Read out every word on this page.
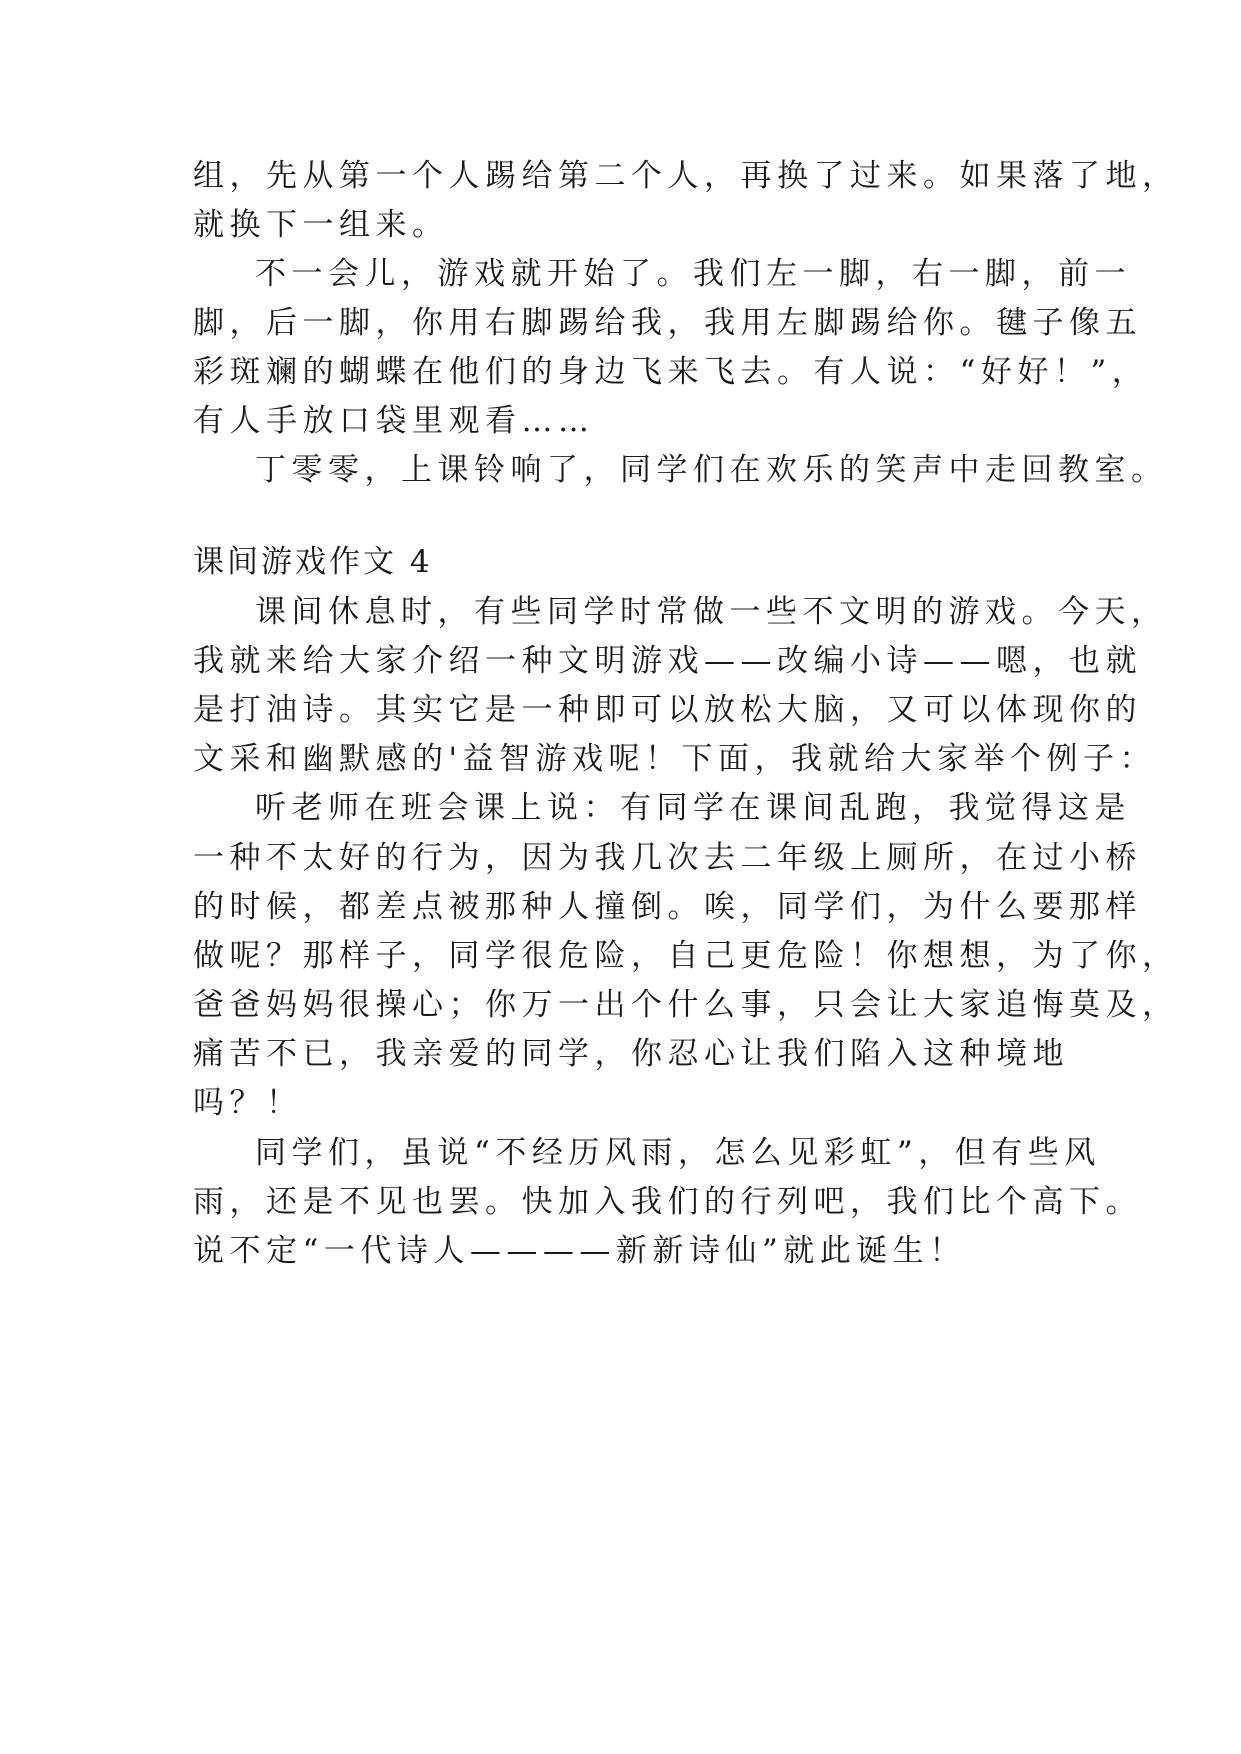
组，先从第一个人踢给第二个人，再换了过来。如果落了地，
就换下一组来。
不一会儿，游戏就开始了。我们左一脚，右一脚，前一
脚，后一脚，你用右脚踢给我，我用左脚踢给你。毽子像五
彩斑斓的蝴蝶在他们的身边飞来飞去。有人说：“好好！”，
有人手放口袋里观看……
丁零零，上课铃响了，同学们在欢乐的笑声中走回教室。
课间游戏作文 4
课间休息时，有些同学时常做一些不文明的游戏。今天，
我就来给大家介绍一种文明游戏——改编小诗——嗯，也就
是打油诗。其实它是一种即可以放松大脑，又可以体现你的
文采和幽默感的'益智游戏呢！下面，我就给大家举个例子：
听老师在班会课上说：有同学在课间乱跑，我觉得这是
一种不太好的行为，因为我几次去二年级上厕所，在过小桥
的时候，都差点被那种人撞倒。唉，同学们，为什么要那样
做呢？那样子，同学很危险，自己更危险！你想想，为了你，
爸爸妈妈很操心；你万一出个什么事，只会让大家追悔莫及，
痛苦不已，我亲爱的同学，你忍心让我们陷入这种境地
吗？！
同学们，虽说“不经历风雨，怎么见彩虹”，但有些风
雨，还是不见也罢。快加入我们的行列吧，我们比个高下。
说不定“一代诗人————新新诗仙”就此诞生！
